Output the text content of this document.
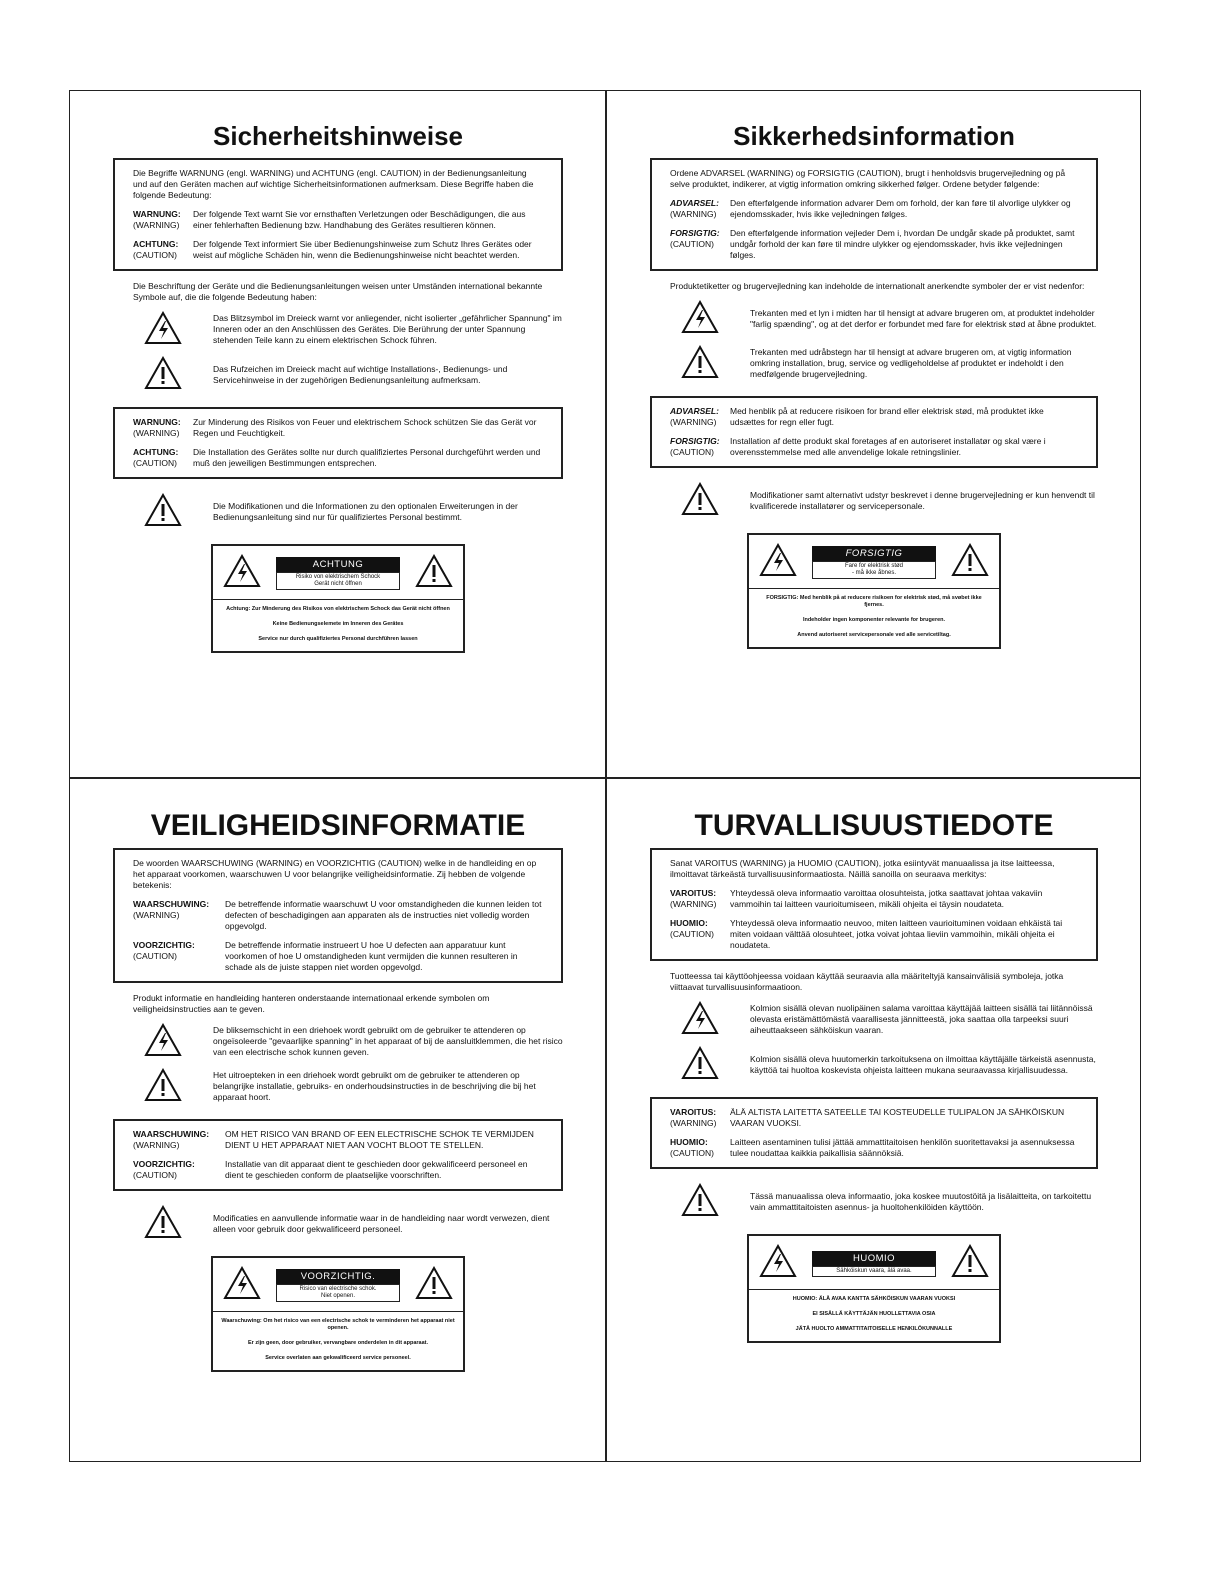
Sicherheitshinweise

Die Begriffe WARNUNG (engl. WARNING) und ACHTUNG (engl. CAUTION) in der Bedienungsanleitung und auf den Geräten machen auf wichtige Sicherheitsinformationen aufmerksam. Diese Begriffe haben die folgende Bedeutung:

WARNUNG:
(WARNING)
Der folgende Text warnt Sie vor ernsthaften Verletzungen oder Beschädigungen, die aus einer fehlerhaften Bedienung bzw. Handhabung des Gerätes resultieren können.
ACHTUNG:
(CAUTION)
Der folgende Text informiert Sie über Bedienungshinweise zum Schutz Ihres Gerätes oder weist auf mögliche Schäden hin, wenn die Bedienungshinweise nicht beachtet werden.
Die Beschriftung der Geräte und die Bedienungsanleitungen weisen unter Umständen international bekannte Symbole auf, die die folgende Bedeutung haben:
Das Blitzsymbol im Dreieck warnt vor anliegender, nicht isolierter „gefährlicher Spannung" im Inneren oder an den Anschlüssen des Gerätes. Die Berührung der unter Spannung stehenden Teile kann zu einem elektrischen Schock führen.
Das Rufzeichen im Dreieck macht auf wichtige Installations-, Bedienungs- und Servicehinweise in der zugehörigen Bedienungsanleitung aufmerksam.
WARNUNG:
(WARNING)
Zur Minderung des Risikos von Feuer und elektrischem Schock schützen Sie das Gerät vor Regen und Feuchtigkeit.
ACHTUNG:
(CAUTION)
Die Installation des Gerätes sollte nur durch qualifiziertes Personal durchgeführt werden und muß den jeweiligen Bestimmungen entsprechen.
Die Modifikationen und die Informationen zu den optionalen Erweiterungen in der Bedienungsanleitung sind nur für qualifiziertes Personal bestimmt.
ACHTUNG
Risiko von elektrischem Schock
Gerät nicht öffnen

Achtung: Zur Minderung des Risikos von elektrischem Schock das Gerät nicht öffnen

Keine Bedienungselemete im Inneren des Gerätes

Service nur durch qualifiziertes Personal durchführen lassen

Sikkerhedsinformation

Ordene ADVARSEL (WARNING) og FORSIGTIG (CAUTION), brugt i henholdsvis brugervejledning og på selve produktet, indikerer, at vigtig information omkring sikkerhed følger. Ordene betyder følgende:

ADVARSEL:
(WARNING)
Den efterfølgende information advarer Dem om forhold, der kan føre til alvorlige ulykker og ejendomsskader, hvis ikke vejledningen følges.
FORSIGTIG:
(CAUTION)
Den efterfølgende information vejleder Dem i, hvordan De undgår skade på produktet, samt undgår forhold der kan føre til mindre ulykker og ejendomsskader, hvis ikke vejledningen følges.
Produktetiketter og brugervejledning kan indeholde de internationalt anerkendte symboler der er vist nedenfor:
Trekanten med et lyn i midten har til hensigt at advare brugeren om, at produktet indeholder "farlig spænding", og at det derfor er forbundet med fare for elektrisk stød at åbne produktet.
Trekanten med udråbstegn har til hensigt at advare brugeren om, at vigtig information omkring installation, brug, service og vedligeholdelse af produktet er indeholdt i den medfølgende brugervejledning.
ADVARSEL:
(WARNING)
Med henblik på at reducere risikoen for brand eller elektrisk stød, må produktet ikke udsættes for regn eller fugt.
FORSIGTIG:
(CAUTION)
Installation af dette produkt skal foretages af en autoriseret installatør og skal være i overensstemmelse med alle anvendelige lokale retningslinier.
Modifikationer samt alternativt udstyr beskrevet i denne brugervejledning er kun henvendt til kvalificerede installatører og servicepersonale.
FORSIGTIG
Fare for elektrisk stød
- må ikke åbnes.

FORSIGTIG: Med henblik på at reducere risikoen for elektrisk stød, må svøbet ikke fjernes.

Indeholder ingen komponenter relevante for brugeren.

Anvend autoriseret servicepersonale ved alle servicetiltag.

VEILIGHEIDSINFORMATIE

De woorden WAARSCHUWING (WARNING) en VOORZICHTIG (CAUTION) welke in de handleiding en op het apparaat voorkomen, waarschuwen U voor belangrijke veiligheidsinformatie. Zij hebben de volgende betekenis:

WAARSCHUWING:
(WARNING)
De betreffende informatie waarschuwt U voor omstandigheden die kunnen leiden tot defecten of beschadigingen aan apparaten als de instructies niet volledig worden opgevolgd.
VOORZICHTIG:
(CAUTION)
De betreffende informatie instrueert U hoe U defecten aan apparatuur kunt voorkomen of hoe U omstandigheden kunt vermijden die kunnen resulteren in schade als de juiste stappen niet worden opgevolgd.
Produkt informatie en handleiding hanteren onderstaande internationaal erkende symbolen om veiligheidsinstructies aan te geven.
De bliksemschicht in een driehoek wordt gebruikt om de gebruiker te attenderen op ongeïsoleerde "gevaarlijke spanning" in het apparaat of bij de aansluitklemmen, die het risico van een electrische schok kunnen geven.
Het uitroepteken in een driehoek wordt gebruikt om de gebruiker te attenderen op belangrijke installatie, gebruiks- en onderhoudsinstructies in de beschrijving die bij het apparaat hoort.
WAARSCHUWING:
(WARNING)
OM HET RISICO VAN BRAND OF EEN ELECTRISCHE SCHOK TE VERMIJDEN DIENT U HET APPARAAT NIET AAN VOCHT BLOOT TE STELLEN.
VOORZICHTIG:
(CAUTION)
Installatie van dit apparaat dient te geschieden door gekwalificeerd personeel en dient te geschieden conform de plaatselijke voorschriften.
Modificaties en aanvullende informatie waar in de handleiding naar wordt verwezen, dient alleen voor gebruik door gekwalificeerd personeel.
VOORZICHTIG.
Risico van electrische schok.
Niet openen.

Waarschuwing: Om het risico van een electrische schok te verminderen het apparaat niet openen.

Er zijn geen, door gebruiker, vervangbare onderdelen in dit apparaat.

Service overlaten aan gekwalificeerd service personeel.

TURVALLISUUSTIEDOTE

Sanat VAROITUS (WARNING) ja HUOMIO (CAUTION), jotka esiintyvät manuaalissa ja itse laitteessa, ilmoittavat tärkeästä turvallisuusinformaatiosta. Näillä sanoilla on seuraava merkitys:

VAROITUS:
(WARNING)
Yhteydessä oleva informaatio varoittaa olosuhteista, jotka saattavat johtaa vakaviin vammoihin tai laitteen vaurioitumiseen, mikäli ohjeita ei täysin noudateta.
HUOMIO:
(CAUTION)
Yhteydessä oleva informaatio neuvoo, miten laitteen vaurioituminen voidaan ehkäistä tai miten voidaan välttää olosuhteet, jotka voivat johtaa lieviin vammoihin, mikäli ohjeita ei noudateta.
Tuotteessa tai käyttöohjeessa voidaan käyttää seuraavia alla määriteltyjä kansainvälisiä symboleja, jotka viittaavat turvallisuusinformaatioon.
Kolmion sisällä olevan nuolipäinen salama varoittaa käyttäjää laitteen sisällä tai liitännöissä olevasta eristämättömästä vaarallisesta jännitteestä, joka saattaa olla tarpeeksi suuri aiheuttaakseen sähköiskun vaaran.
Kolmion sisällä oleva huutomerkin tarkoituksena on ilmoittaa käyttäjälle tärkeistä asennusta, käyttöä tai huoltoa koskevista ohjeista laitteen mukana seuraavassa kirjallisuudessa.
VAROITUS:
(WARNING)
ÄLÄ ALTISTA LAITETTA SATEELLE TAI KOSTEUDELLE TULIPALON JA SÄHKÖISKUN VAARAN VUOKSI.
HUOMIO:
(CAUTION)
Laitteen asentaminen tulisi jättää ammattitaitoisen henkilön suoritettavaksi ja asennuksessa tulee noudattaa kaikkia paikallisia säännöksiä.
Tässä manuaalissa oleva informaatio, joka koskee muutostöitä ja lisälaitteita, on tarkoitettu vain ammattitaitoisten asennus- ja huoltohenkilöiden käyttöön.
HUOMIO
Sähköiskun vaara, älä avaa.

HUOMIO: ÄLÄ AVAA KANTTA SÄHKÖISKUN VAARAN VUOKSI

EI SISÄLLÄ KÄYTTÄJÄN HUOLLETTAVIA OSIA

JÄTÄ HUOLTO AMMATTITAITOISELLE HENKILÖKUNNALLE
